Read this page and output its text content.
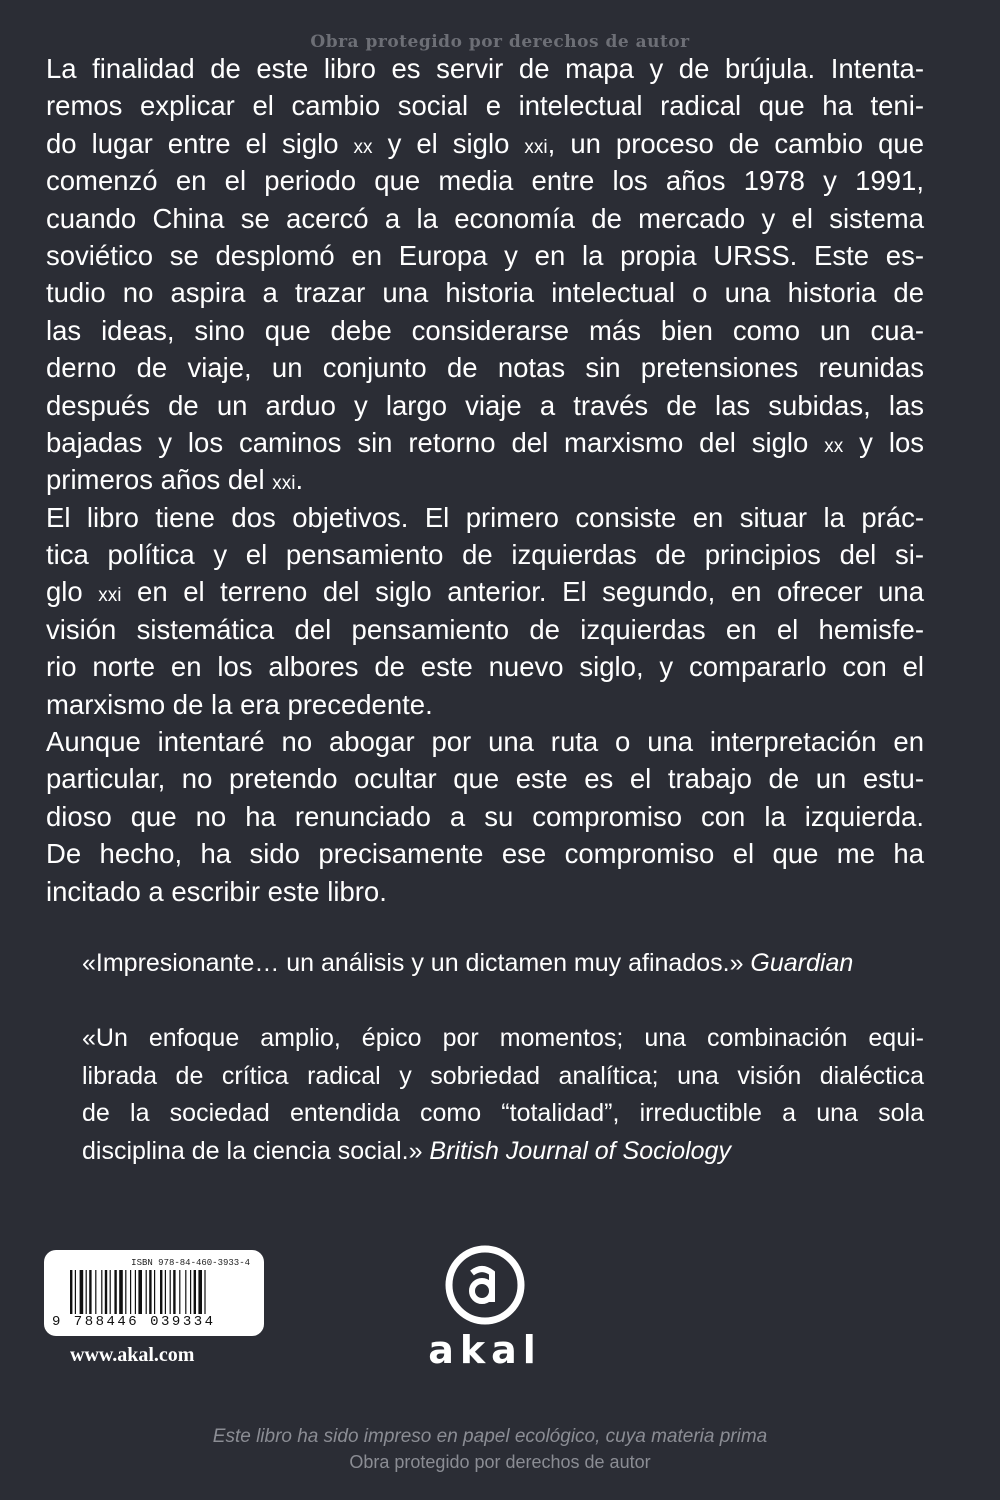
Obra protegido por derechos de autor
La finalidad de este libro es servir de mapa y de brújula. Intenta-
remos explicar el cambio social e intelectual radical que ha teni-
do lugar entre el siglo xx y el siglo xxi, un proceso de cambio que
comenzó en el periodo que media entre los años 1978 y 1991,
cuando China se acercó a la economía de mercado y el sistema
soviético se desplomó en Europa y en la propia URSS. Este es-
tudio no aspira a trazar una historia intelectual o una historia de
las ideas, sino que debe considerarse más bien como un cua-
derno de viaje, un conjunto de notas sin pretensiones reunidas
después de un arduo y largo viaje a través de las subidas, las
bajadas y los caminos sin retorno del marxismo del siglo xx y los
primeros años del xxi.
El libro tiene dos objetivos. El primero consiste en situar la prác-
tica política y el pensamiento de izquierdas de principios del si-
glo xxi en el terreno del siglo anterior. El segundo, en ofrecer una
visión sistemática del pensamiento de izquierdas en el hemisfe-
rio norte en los albores de este nuevo siglo, y compararlo con el
marxismo de la era precedente.
Aunque intentaré no abogar por una ruta o una interpretación en
particular, no pretendo ocultar que este es el trabajo de un estu-
dioso que no ha renunciado a su compromiso con la izquierda.
De hecho, ha sido precisamente ese compromiso el que me ha
incitado a escribir este libro.
«Impresionante… un análisis y un dictamen muy afinados.» Guardian
«Un enfoque amplio, épico por momentos; una combinación equi-
librada de crítica radical y sobriedad analítica; una visión dialéctica
de la sociedad entendida como “totalidad”, irreductible a una sola
disciplina de la ciencia social.» British Journal of Sociology
ISBN 978-84-460-3933-4
9 788446 039334
www.akal.com	akal
Este libro ha sido impreso en papel ecológico, cuya materia prima
Obra protegido por derechos de autor
